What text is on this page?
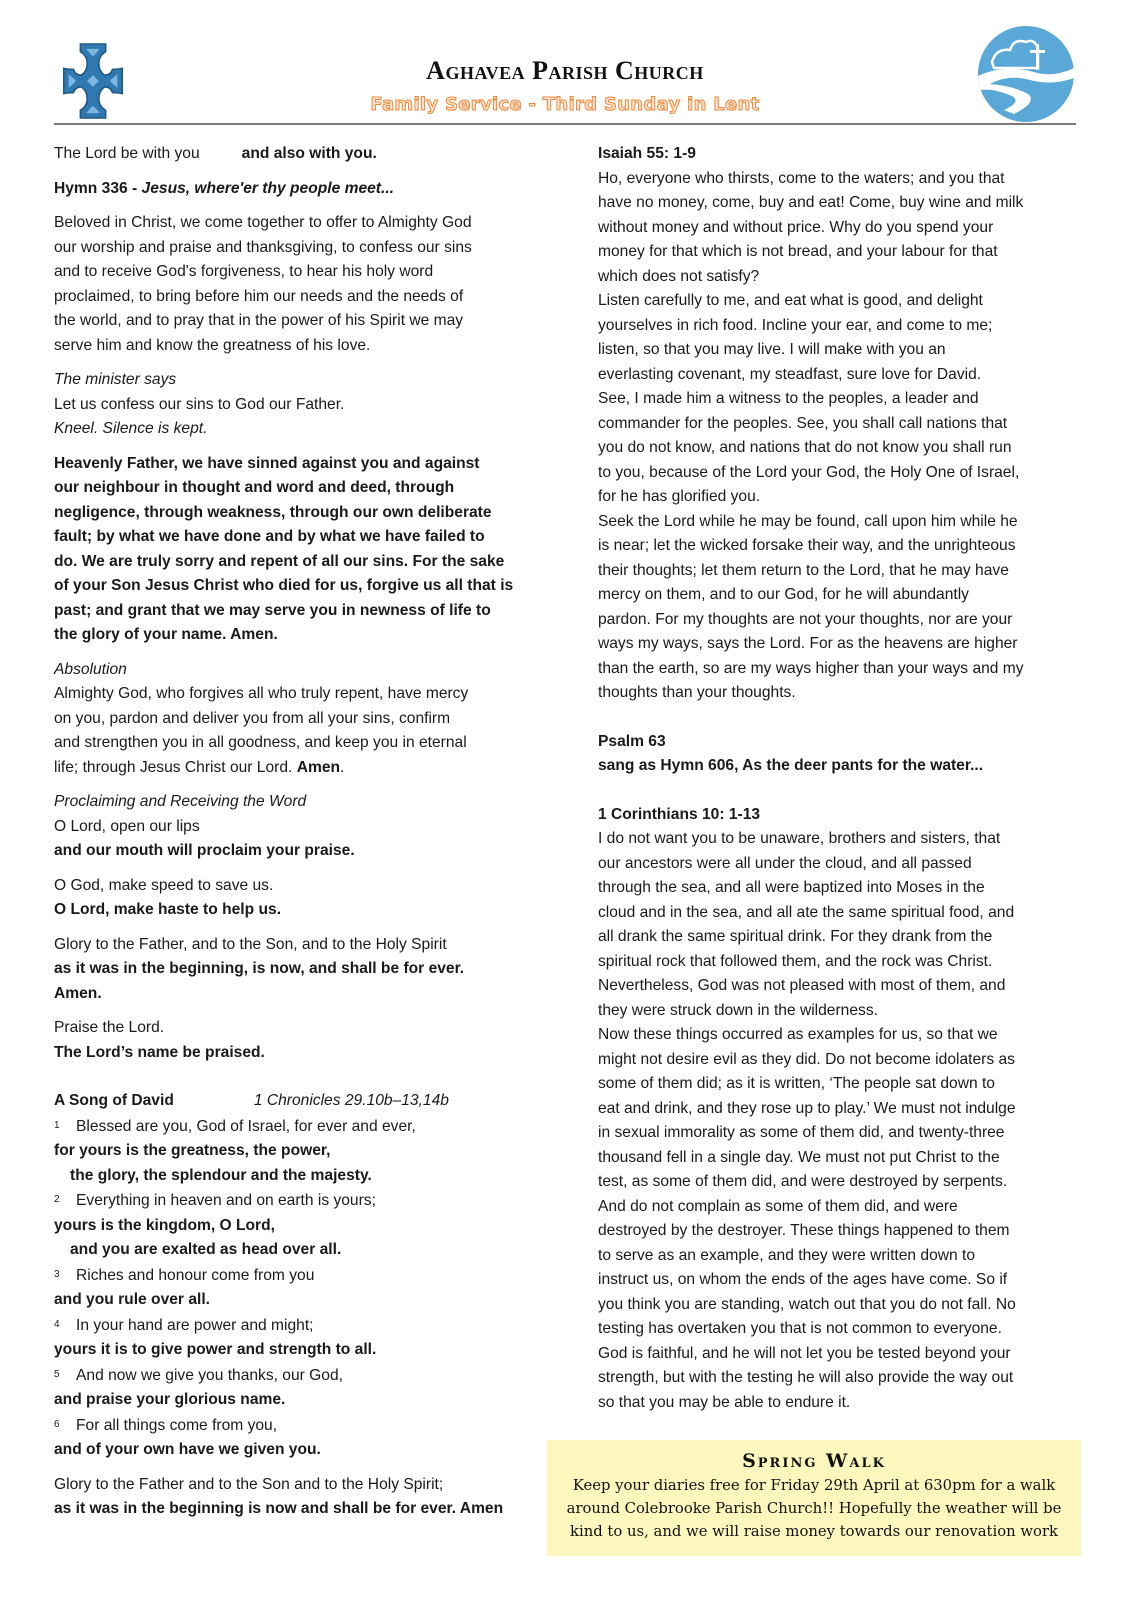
Aghavea Parish Church
Family Service - Third Sunday in Lent
The Lord be with you	and also with you.
Hymn 336 - Jesus, where'er thy people meet...
Beloved in Christ, we come together to offer to Almighty God
our worship and praise and thanksgiving, to confess our sins
and to receive God's forgiveness, to hear his holy word
proclaimed, to bring before him our needs and the needs of
the world, and to pray that in the power of his Spirit we may
serve him and know the greatness of his love.
The minister says
Let us confess our sins to God our Father.
Kneel. Silence is kept.
Heavenly Father, we have sinned against you and against
our neighbour in thought and word and deed, through
negligence, through weakness, through our own deliberate
fault; by what we have done and by what we have failed to
do. We are truly sorry and repent of all our sins. For the sake
of your Son Jesus Christ who died for us, forgive us all that is
past; and grant that we may serve you in newness of life to
the glory of your name. Amen.
Absolution
Almighty God, who forgives all who truly repent, have mercy
on you, pardon and deliver you from all your sins, confirm
and strengthen you in all goodness, and keep you in eternal
life; through Jesus Christ our Lord. Amen.
Proclaiming and Receiving the Word
O Lord, open our lips
and our mouth will proclaim your praise.
O God, make speed to save us.
O Lord, make haste to help us.
Glory to the Father, and to the Son, and to the Holy Spirit
as it was in the beginning, is now, and shall be for ever.
Amen.
Praise the Lord.
The Lord’s name be praised.
A Song of David	1 Chronicles 29.10b–13,14b
1 Blessed are you, God of Israel, for ever and ever,
for yours is the greatness, the power,
the glory, the splendour and the majesty.
2 Everything in heaven and on earth is yours;
yours is the kingdom, O Lord,
and you are exalted as head over all.
3 Riches and honour come from you
and you rule over all.
4 In your hand are power and might;
yours it is to give power and strength to all.
5 And now we give you thanks, our God,
and praise your glorious name.
6 For all things come from you,
and of your own have we given you.
Glory to the Father and to the Son and to the Holy Spirit;
as it was in the beginning is now and shall be for ever. Amen
Isaiah 55: 1-9
Ho, everyone who thirsts, come to the waters; and you that
have no money, come, buy and eat! Come, buy wine and milk
without money and without price. Why do you spend your
money for that which is not bread, and your labour for that
which does not satisfy?
Listen carefully to me, and eat what is good, and delight
yourselves in rich food. Incline your ear, and come to me;
listen, so that you may live. I will make with you an
everlasting covenant, my steadfast, sure love for David.
See, I made him a witness to the peoples, a leader and
commander for the peoples. See, you shall call nations that
you do not know, and nations that do not know you shall run
to you, because of the Lord your God, the Holy One of Israel,
for he has glorified you.
Seek the Lord while he may be found, call upon him while he
is near; let the wicked forsake their way, and the unrighteous
their thoughts; let them return to the Lord, that he may have
mercy on them, and to our God, for he will abundantly
pardon. For my thoughts are not your thoughts, nor are your
ways my ways, says the Lord. For as the heavens are higher
than the earth, so are my ways higher than your ways and my
thoughts than your thoughts.
Psalm 63
sang as Hymn 606, As the deer pants for the water...
1 Corinthians 10: 1-13
I do not want you to be unaware, brothers and sisters, that
our ancestors were all under the cloud, and all passed
through the sea, and all were baptized into Moses in the
cloud and in the sea, and all ate the same spiritual food, and
all drank the same spiritual drink. For they drank from the
spiritual rock that followed them, and the rock was Christ.
Nevertheless, God was not pleased with most of them, and
they were struck down in the wilderness.
Now these things occurred as examples for us, so that we
might not desire evil as they did. Do not become idolaters as
some of them did; as it is written, ‘The people sat down to
eat and drink, and they rose up to play.’ We must not indulge
in sexual immorality as some of them did, and twenty-three
thousand fell in a single day. We must not put Christ to the
test, as some of them did, and were destroyed by serpents.
And do not complain as some of them did, and were
destroyed by the destroyer. These things happened to them
to serve as an example, and they were written down to
instruct us, on whom the ends of the ages have come. So if
you think you are standing, watch out that you do not fall. No
testing has overtaken you that is not common to everyone.
God is faithful, and he will not let you be tested beyond your
strength, but with the testing he will also provide the way out
so that you may be able to endure it.
Spring Walk
Keep your diaries free for Friday 29th April at 630pm for a walk
around Colebrooke Parish Church!! Hopefully the weather will be
kind to us, and we will raise money towards our renovation work
